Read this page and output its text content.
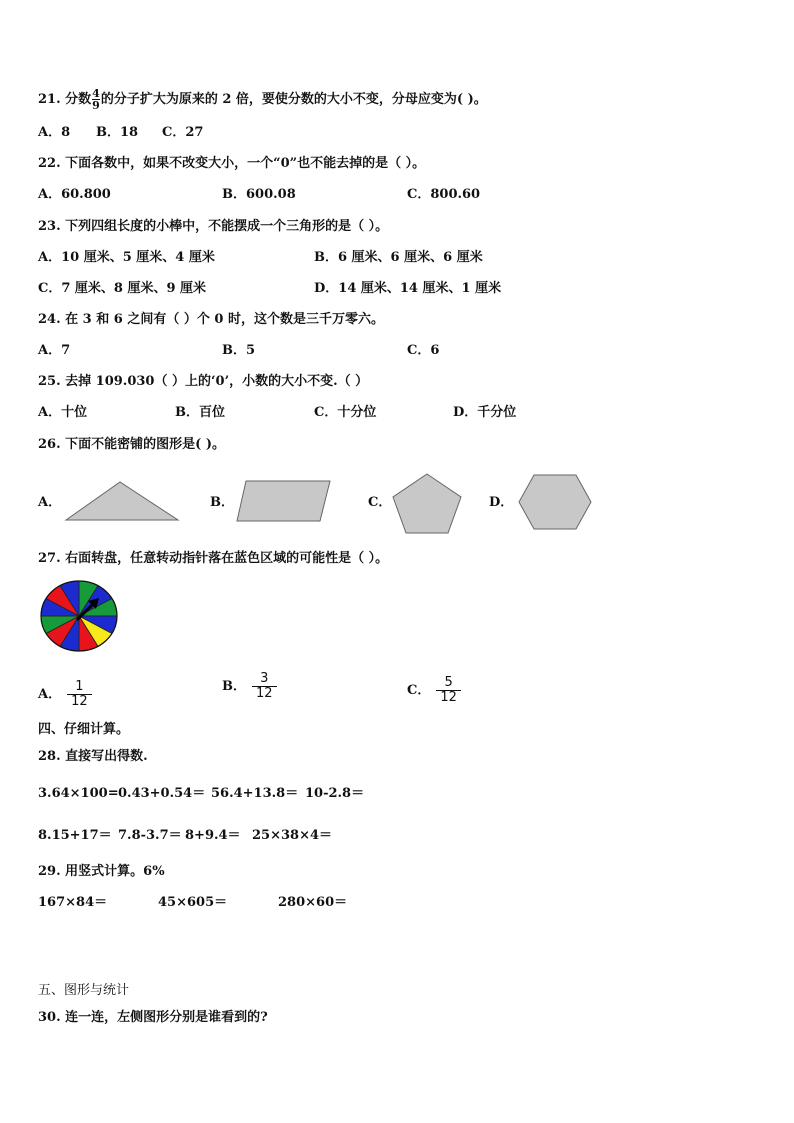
21. 分数 $\frac{4}{9}$ 的分子扩大为原来的 2 倍，要使分数的大小不变，分母应变为( )。
A．8 B．18 C．27
22. 下面各数中，如果不改变大小，一个“0”也不能去掉的是（ ）。
A．60.800	B．600.08	C．800.60
23. 下列四组长度的小棒中，不能摆成一个三角形的是（ ）。
A．10 厘米、5 厘米、4 厘米	B．6 厘米、6 厘米、6 厘米
C．7 厘米、8 厘米、9 厘米	D．14 厘米、14 厘米、1 厘米
24. 在 3 和 6 之间有（ ）个 0 时，这个数是三千万零六。
A．7	B．5	C．6
25. 去掉 109.030（ ）上的‘0’，小数的大小不变.（ ）
A．十位	B．百位	C．十分位	D．千分位
26. 下面不能密铺的图形是( )。
A．	B．	C．	D．
27. 右面转盘，任意转动指针落在蓝色区域的可能性是（ ）。
A． $\frac{1}{12}$	B． $\frac{3}{12}$	C． $\frac{5}{12}$
四、仔细计算。
28. 直接写出得数.
3.64×100= 0.43+0.54＝ 56.4+13.8＝ 10-2.8＝
8.15+17＝ 7.8-3.7＝ 8+9.4＝ 25×38×4＝
29. 用竖式计算。6%
167×84＝	45×605＝	280×60＝
五、图形与统计
30. 连一连，左侧图形分别是谁看到的?
